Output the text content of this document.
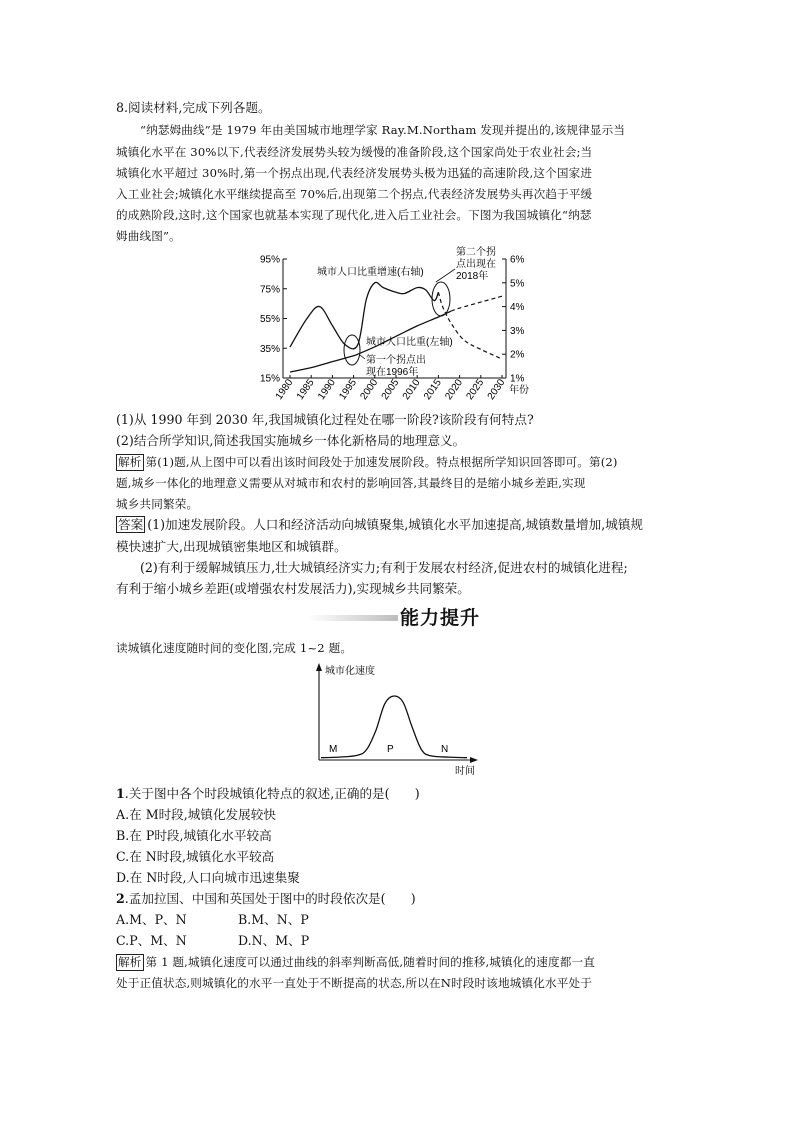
8.阅读材料,完成下列各题。
“纳瑟姆曲线”是 1979 年由美国城市地理学家 Ray.M.Northam 发现并提出的,该规律显示当
城镇化水平在 30%以下,代表经济发展势头较为缓慢的准备阶段,这个国家尚处于农业社会;当
城镇化水平超过 30%时,第一个拐点出现,代表经济发展势头极为迅猛的高速阶段,这个国家进
入工业社会;城镇化水平继续提高至 70%后,出现第二个拐点,代表经济发展势头再次趋于平缓
的成熟阶段,这时,这个国家也就基本实现了现代化,进入后工业社会。下图为我国城镇化“纳瑟
姆曲线图”。
95%
75%
55%
35%
15%
6%
5%
4%
3%
2%
1%
1980 1985 1990 1995 2000 2005 2010 2015 2020 2025 2030 年份
城市人口比重增速(右轴)
城市人口比重(左轴)
第二个拐
点出现在
2018年
第一个拐点出
现在1996年
(1)从 1990 年到 2030 年,我国城镇化过程处在哪一阶段?该阶段有何特点?
(2)结合所学知识,简述我国实施城乡一体化新格局的地理意义。
解析 第(1)题,从上图中可以看出该时间段处于加速发展阶段。特点根据所学知识回答即可。第(2)
题,城乡一体化的地理意义需要从对城市和农村的影响回答,其最终目的是缩小城乡差距,实现
城乡共同繁荣。
答案 (1)加速发展阶段。人口和经济活动向城镇聚集,城镇化水平加速提高,城镇数量增加,城镇规
模快速扩大,出现城镇密集地区和城镇群。
(2)有利于缓解城镇压力,壮大城镇经济实力;有利于发展农村经济,促进农村的城镇化进程;
有利于缩小城乡差距(或增强农村发展活力),实现城乡共同繁荣。
能力提升
读城镇化速度随时间的变化图,完成 1~2 题。
城市化速度
时间
M	P	N
1.关于图中各个时段城镇化特点的叙述,正确的是(　　)
A.在 M时段,城镇化发展较快
B.在 P时段,城镇化水平较高
C.在 N时段,城镇化水平较高
D.在 N时段,人口向城市迅速集聚
2.孟加拉国、中国和英国处于图中的时段依次是(　　)
A.M、P、N	B.M、N、P
C.P、M、N	D.N、M、P
解析 第 1 题,城镇化速度可以通过曲线的斜率判断高低,随着时间的推移,城镇化的速度都一直
处于正值状态,则城镇化的水平一直处于不断提高的状态,所以在N时段时该地城镇化水平处于
